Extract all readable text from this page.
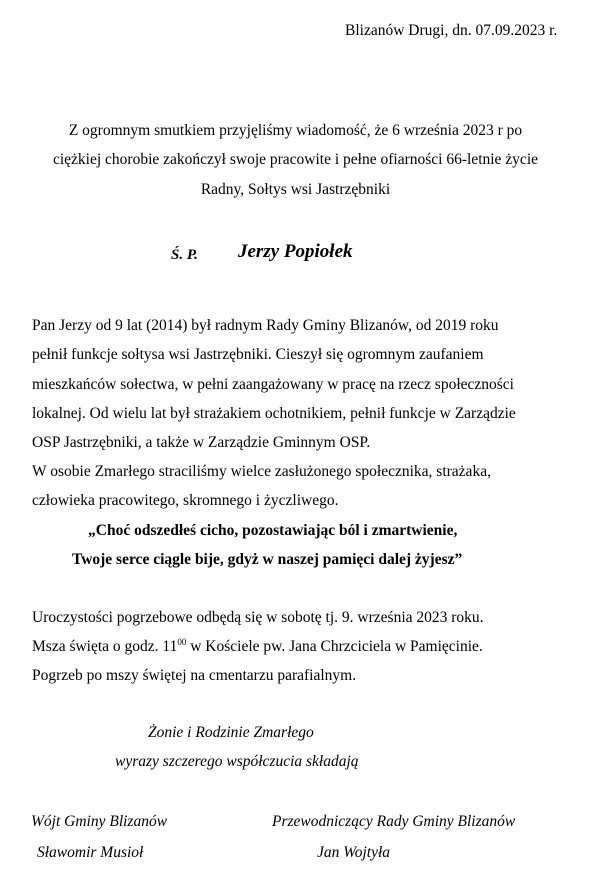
Blizanów Drugi, dn. 07.09.2023 r.
Z ogromnym smutkiem przyjęliśmy wiadomość, że 6 września 2023 r po
ciężkiej chorobie zakończył swoje pracowite i pełne ofiarności 66-letnie życie
Radny, Sołtys wsi Jastrzębniki
Ś. P. Jerzy Popiołek
Pan Jerzy od 9 lat (2014) był radnym Rady Gminy Blizanów, od 2019 roku
pełnił funkcje sołtysa wsi Jastrzębniki. Cieszył się ogromnym zaufaniem
mieszkańców sołectwa, w pełni zaangażowany w pracę na rzecz społeczności
lokalnej. Od wielu lat był strażakiem ochotnikiem, pełnił funkcje w Zarządzie
OSP Jastrzębniki, a także w Zarządzie Gminnym OSP.
W osobie Zmarłego straciliśmy wielce zasłużonego społecznika, strażaka,
człowieka pracowitego, skromnego i życzliwego.
„Choć odszedłeś cicho, pozostawiając ból i zmartwienie,
Twoje serce ciągle bije, gdyż w naszej pamięci dalej żyjesz”
Uroczystości pogrzebowe odbędą się w sobotę tj. 9. września 2023 roku.
Msza święta o godz. $11^{00}$ w Kościele pw. Jana Chrzciciela w Pamięcinie.
Pogrzeb po mszy świętej na cmentarzu parafialnym.
Żonie i Rodzinie Zmarłego
wyrazy szczerego współczucia składają
Wójt Gminy Blizanów
Sławomir Musioł
Przewodniczący Rady Gminy Blizanów
Jan Wojtyła
